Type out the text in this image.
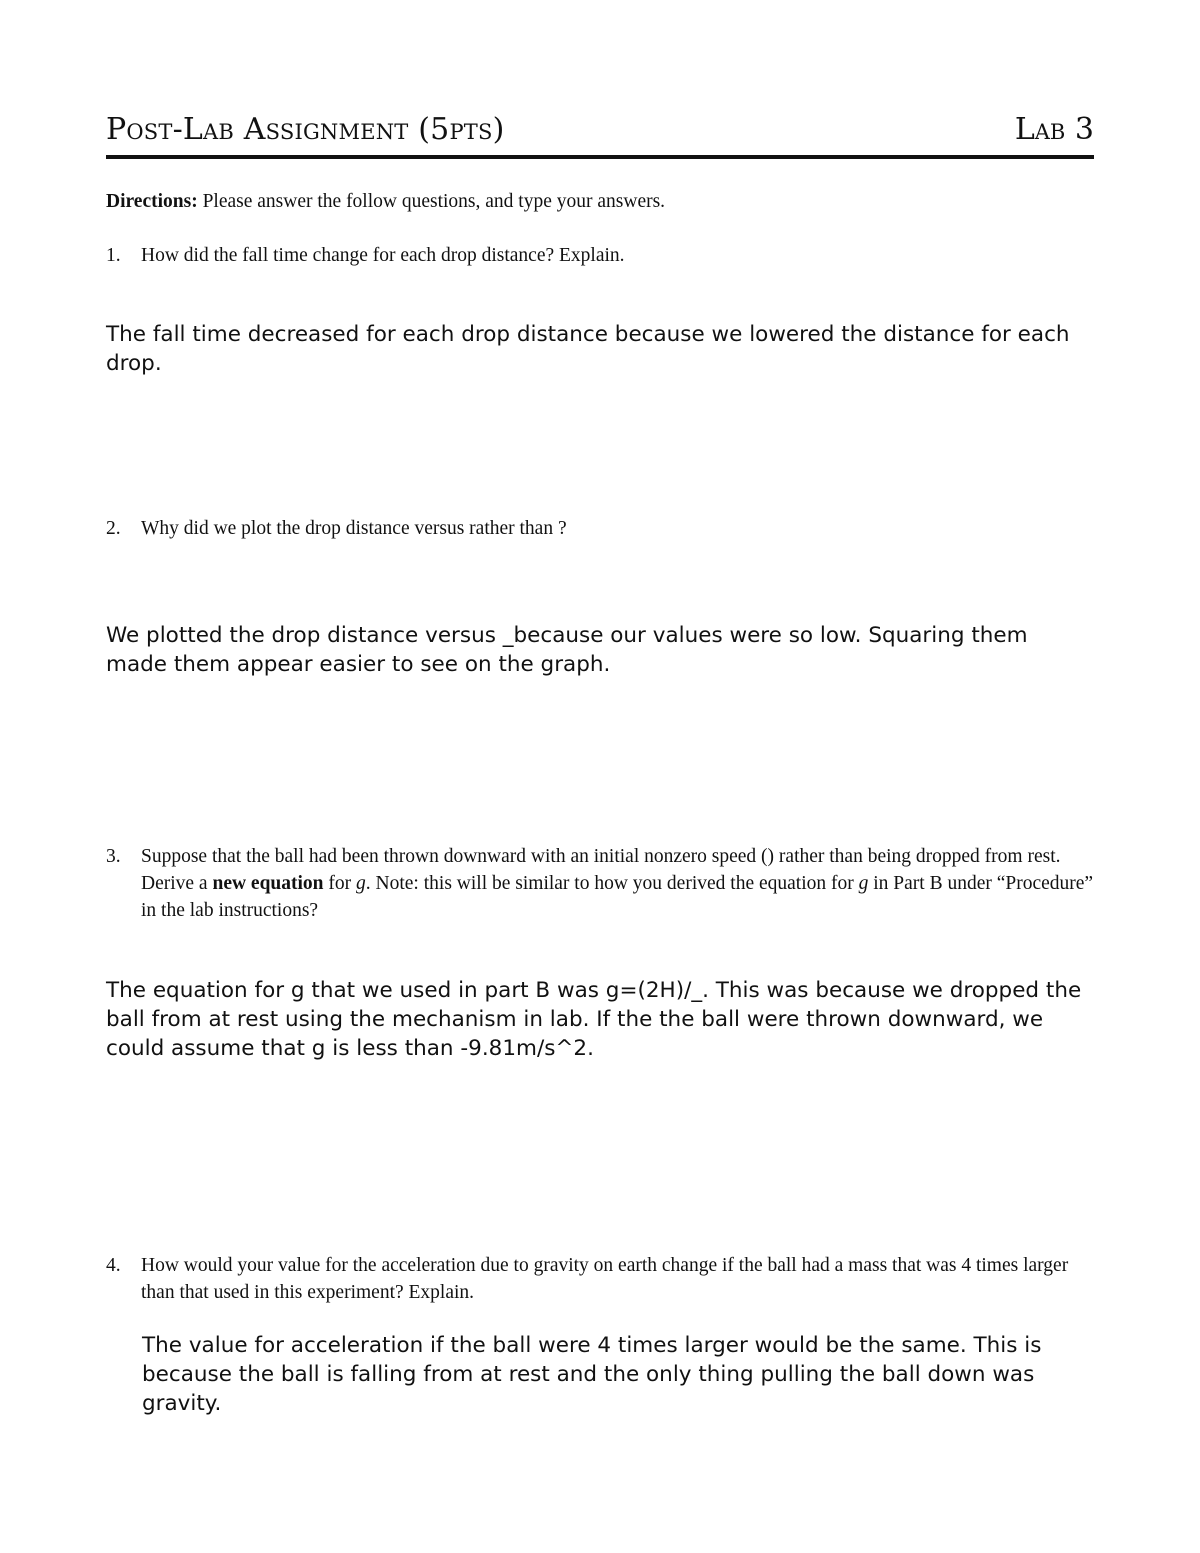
Post-Lab Assignment (5pts)	Lab 3
Directions: Please answer the follow questions, and type your answers.
1.	How did the fall time change for each drop distance? Explain.
The fall time decreased for each drop distance because we lowered the distance for each drop.
2.	Why did we plot the drop distance versus rather than ?
We plotted the drop distance versus _because our values were so low. Squaring them made them appear easier to see on the graph.
3.	Suppose that the ball had been thrown downward with an initial nonzero speed () rather than being dropped from rest. Derive a new equation for g. Note: this will be similar to how you derived the equation for g in Part B under “Procedure” in the lab instructions?
The equation for g that we used in part B was g=(2H)/_. This was because we dropped the ball from at rest using the mechanism in lab. If the the ball were thrown downward, we could assume that g is less than -9.81m/s^2.
4.	How would your value for the acceleration due to gravity on earth change if the ball had a mass that was 4 times larger than that used in this experiment? Explain.
The value for acceleration if the ball were 4 times larger would be the same. This is because the ball is falling from at rest and the only thing pulling the ball down was gravity.
